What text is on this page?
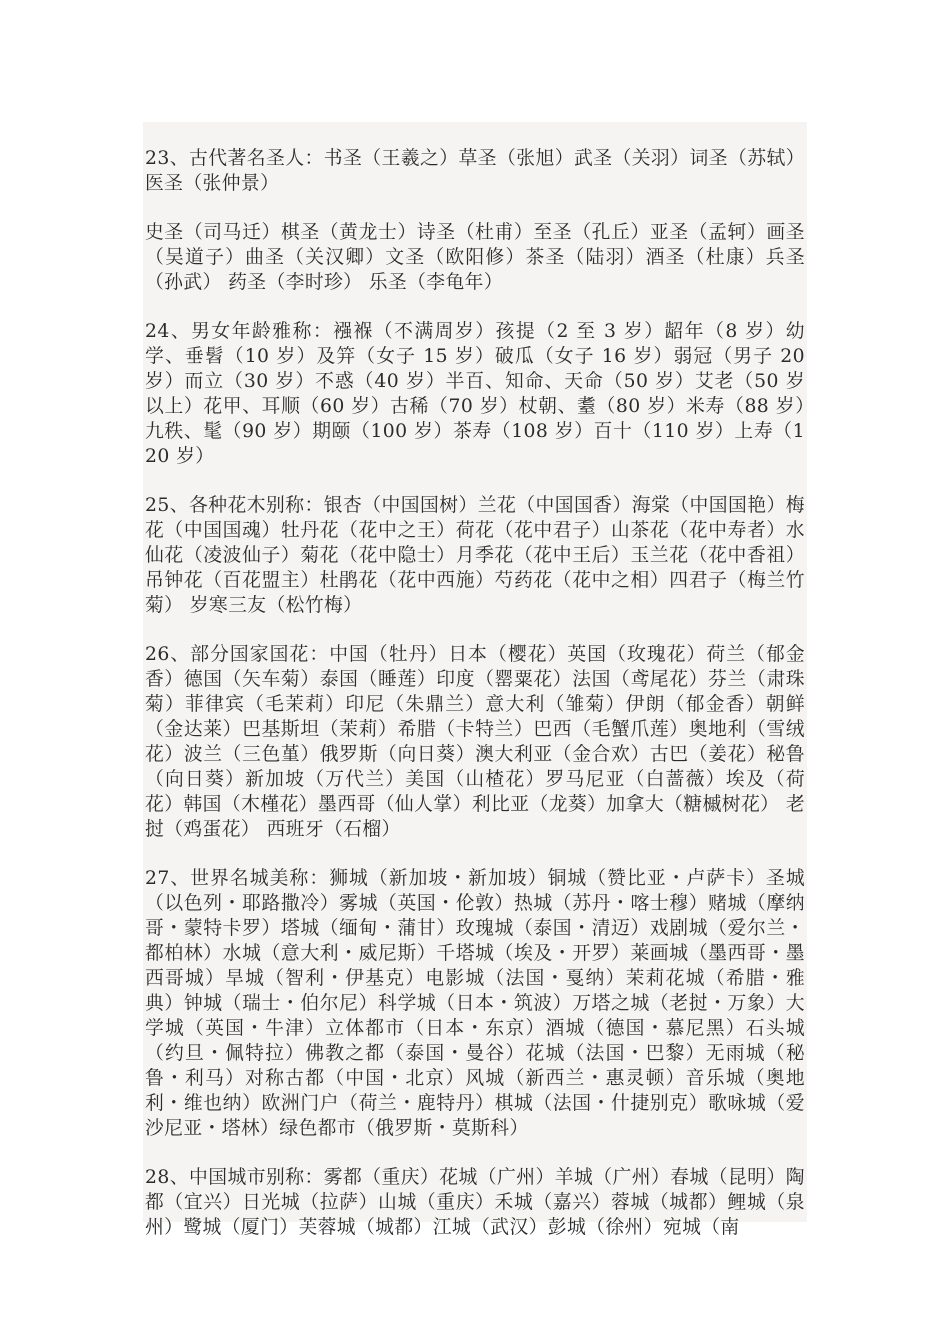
23、古代著名圣人：书圣（王羲之）草圣（张旭）武圣（关羽）词圣（苏轼）医圣（张仲景）

史圣（司马迁）棋圣（黄龙士）诗圣（杜甫）至圣（孔丘）亚圣（孟轲）画圣（吴道子）曲圣（关汉卿）文圣（欧阳修）茶圣（陆羽）酒圣（杜康）兵圣（孙武） 药圣（李时珍） 乐圣（李龟年）

24、男女年龄雅称：襁褓（不满周岁）孩提（2 至 3 岁）龆年（8 岁）幼学、垂髫（10 岁）及笄（女子 15 岁）破瓜（女子 16 岁）弱冠（男子 20 岁）而立（30 岁）不惑（40 岁）半百、知命、天命（50 岁）艾老（50 岁以上）花甲、耳顺（60 岁）古稀（70 岁）杖朝、耋（80 岁）米寿（88 岁）九秩、髦（90 岁）期颐（100 岁）茶寿（108 岁）百十（110 岁）上寿（120 岁）

25、各种花木别称：银杏（中国国树）兰花（中国国香）海棠（中国国艳）梅花（中国国魂）牡丹花（花中之王）荷花（花中君子）山茶花（花中寿者）水仙花（凌波仙子）菊花（花中隐士）月季花（花中王后）玉兰花（花中香祖）吊钟花（百花盟主）杜鹃花（花中西施）芍药花（花中之相）四君子（梅兰竹菊） 岁寒三友（松竹梅）

26、部分国家国花：中国（牡丹）日本（樱花）英国（玫瑰花）荷兰（郁金香）德国（矢车菊）泰国（睡莲）印度（罂粟花）法国（鸢尾花）芬兰（肃珠菊）菲律宾（毛茉莉）印尼（朱鼎兰）意大利（雏菊）伊朗（郁金香）朝鲜（金达莱）巴基斯坦（茉莉）希腊（卡特兰）巴西（毛蟹爪莲）奥地利（雪绒花）波兰（三色堇）俄罗斯（向日葵）澳大利亚（金合欢）古巴（姜花）秘鲁（向日葵）新加坡（万代兰）美国（山楂花）罗马尼亚（白蔷薇）埃及（荷花）韩国（木槿花）墨西哥（仙人掌）利比亚（龙葵）加拿大（糖槭树花） 老挝（鸡蛋花） 西班牙（石榴）

27、世界名城美称：狮城（新加坡・新加坡）铜城（赞比亚・卢萨卡）圣城（以色列・耶路撒冷）雾城（英国・伦敦）热城（苏丹・喀士穆）赌城（摩纳哥・蒙特卡罗）塔城（缅甸・蒲甘）玫瑰城（泰国・清迈）戏剧城（爱尔兰・都柏林）水城（意大利・威尼斯）千塔城（埃及・开罗）莱画城（墨西哥・墨西哥城）旱城（智利・伊基克）电影城（法国・戛纳）茉莉花城（希腊・雅典）钟城（瑞士・伯尔尼）科学城（日本・筑波）万塔之城（老挝・万象）大学城（英国・牛津）立体都市（日本・东京）酒城（德国・慕尼黑）石头城（约旦・佩特拉）佛教之都（泰国・曼谷）花城（法国・巴黎）无雨城（秘鲁・利马）对称古都（中国・北京）风城（新西兰・惠灵顿）音乐城（奥地利・维也纳）欧洲门户（荷兰・鹿特丹）棋城（法国・什捷别克）歌咏城（爱沙尼亚・塔林）绿色都市（俄罗斯・莫斯科）

28、中国城市别称：雾都（重庆）花城（广州）羊城（广州）春城（昆明）陶都（宜兴）日光城（拉萨）山城（重庆）禾城（嘉兴）蓉城（城都）鲤城（泉州）鹭城（厦门）芙蓉城（城都）江城（武汉）彭城（徐州）宛城（南
